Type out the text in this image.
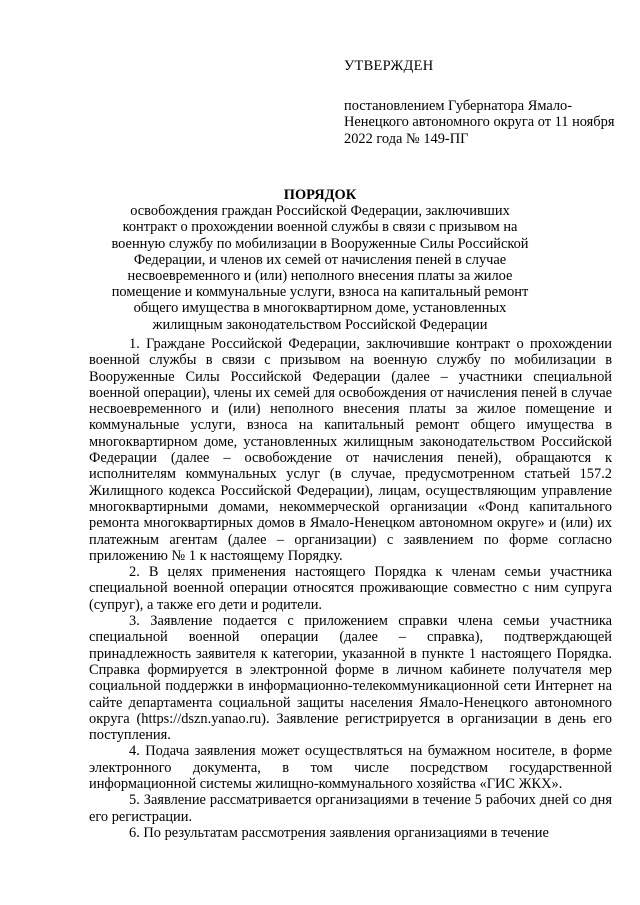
УТВЕРЖДЕН

постановлением Губернатора Ямало-Ненецкого автономного округа от 11 ноября 2022 года № 149-ПГ

ПОРЯДОК

освобождения граждан Российской Федерации, заключивших контракт о прохождении военной службы в связи с призывом на военную службу по мобилизации в Вооруженные Силы Российской Федерации, и членов их семей от начисления пеней в случае несвоевременного и (или) неполного внесения платы за жилое помещение и коммунальные услуги, взноса на капитальный ремонт общего имущества в многоквартирном доме, установленных жилищным законодательством Российской Федерации

1. Граждане Российской Федерации, заключившие контракт о прохождении военной службы в связи с призывом на военную службу по мобилизации в Вооруженные Силы Российской Федерации (далее – участники специальной военной операции), члены их семей для освобождения от начисления пеней в случае несвоевременного и (или) неполного внесения платы за жилое помещение и коммунальные услуги, взноса на капитальный ремонт общего имущества в многоквартирном доме, установленных жилищным законодательством Российской Федерации (далее – освобождение от начисления пеней), обращаются к исполнителям коммунальных услуг (в случае, предусмотренном статьей 157.2 Жилищного кодекса Российской Федерации), лицам, осуществляющим управление многоквартирными домами, некоммерческой организации «Фонд капитального ремонта многоквартирных домов в Ямало-Ненецком автономном округе» и (или) их платежным агентам (далее – организации) с заявлением по форме согласно приложению № 1 к настоящему Порядку.

2. В целях применения настоящего Порядка к членам семьи участника специальной военной операции относятся проживающие совместно с ним супруга (супруг), а также его дети и родители.

3. Заявление подается с приложением справки члена семьи участника специальной военной операции (далее – справка), подтверждающей принадлежность заявителя к категории, указанной в пункте 1 настоящего Порядка. Справка формируется в электронной форме в личном кабинете получателя мер социальной поддержки в информационно-телекоммуникационной сети Интернет на сайте департамента социальной защиты населения Ямало-Ненецкого автономного округа (https://dszn.yanao.ru). Заявление регистрируется в организации в день его поступления.

4. Подача заявления может осуществляться на бумажном носителе, в форме электронного документа, в том числе посредством государственной информационной системы жилищно-коммунального хозяйства «ГИС ЖКХ».

5. Заявление рассматривается организациями в течение 5 рабочих дней со дня его регистрации.

6. По результатам рассмотрения заявления организациями в течение
